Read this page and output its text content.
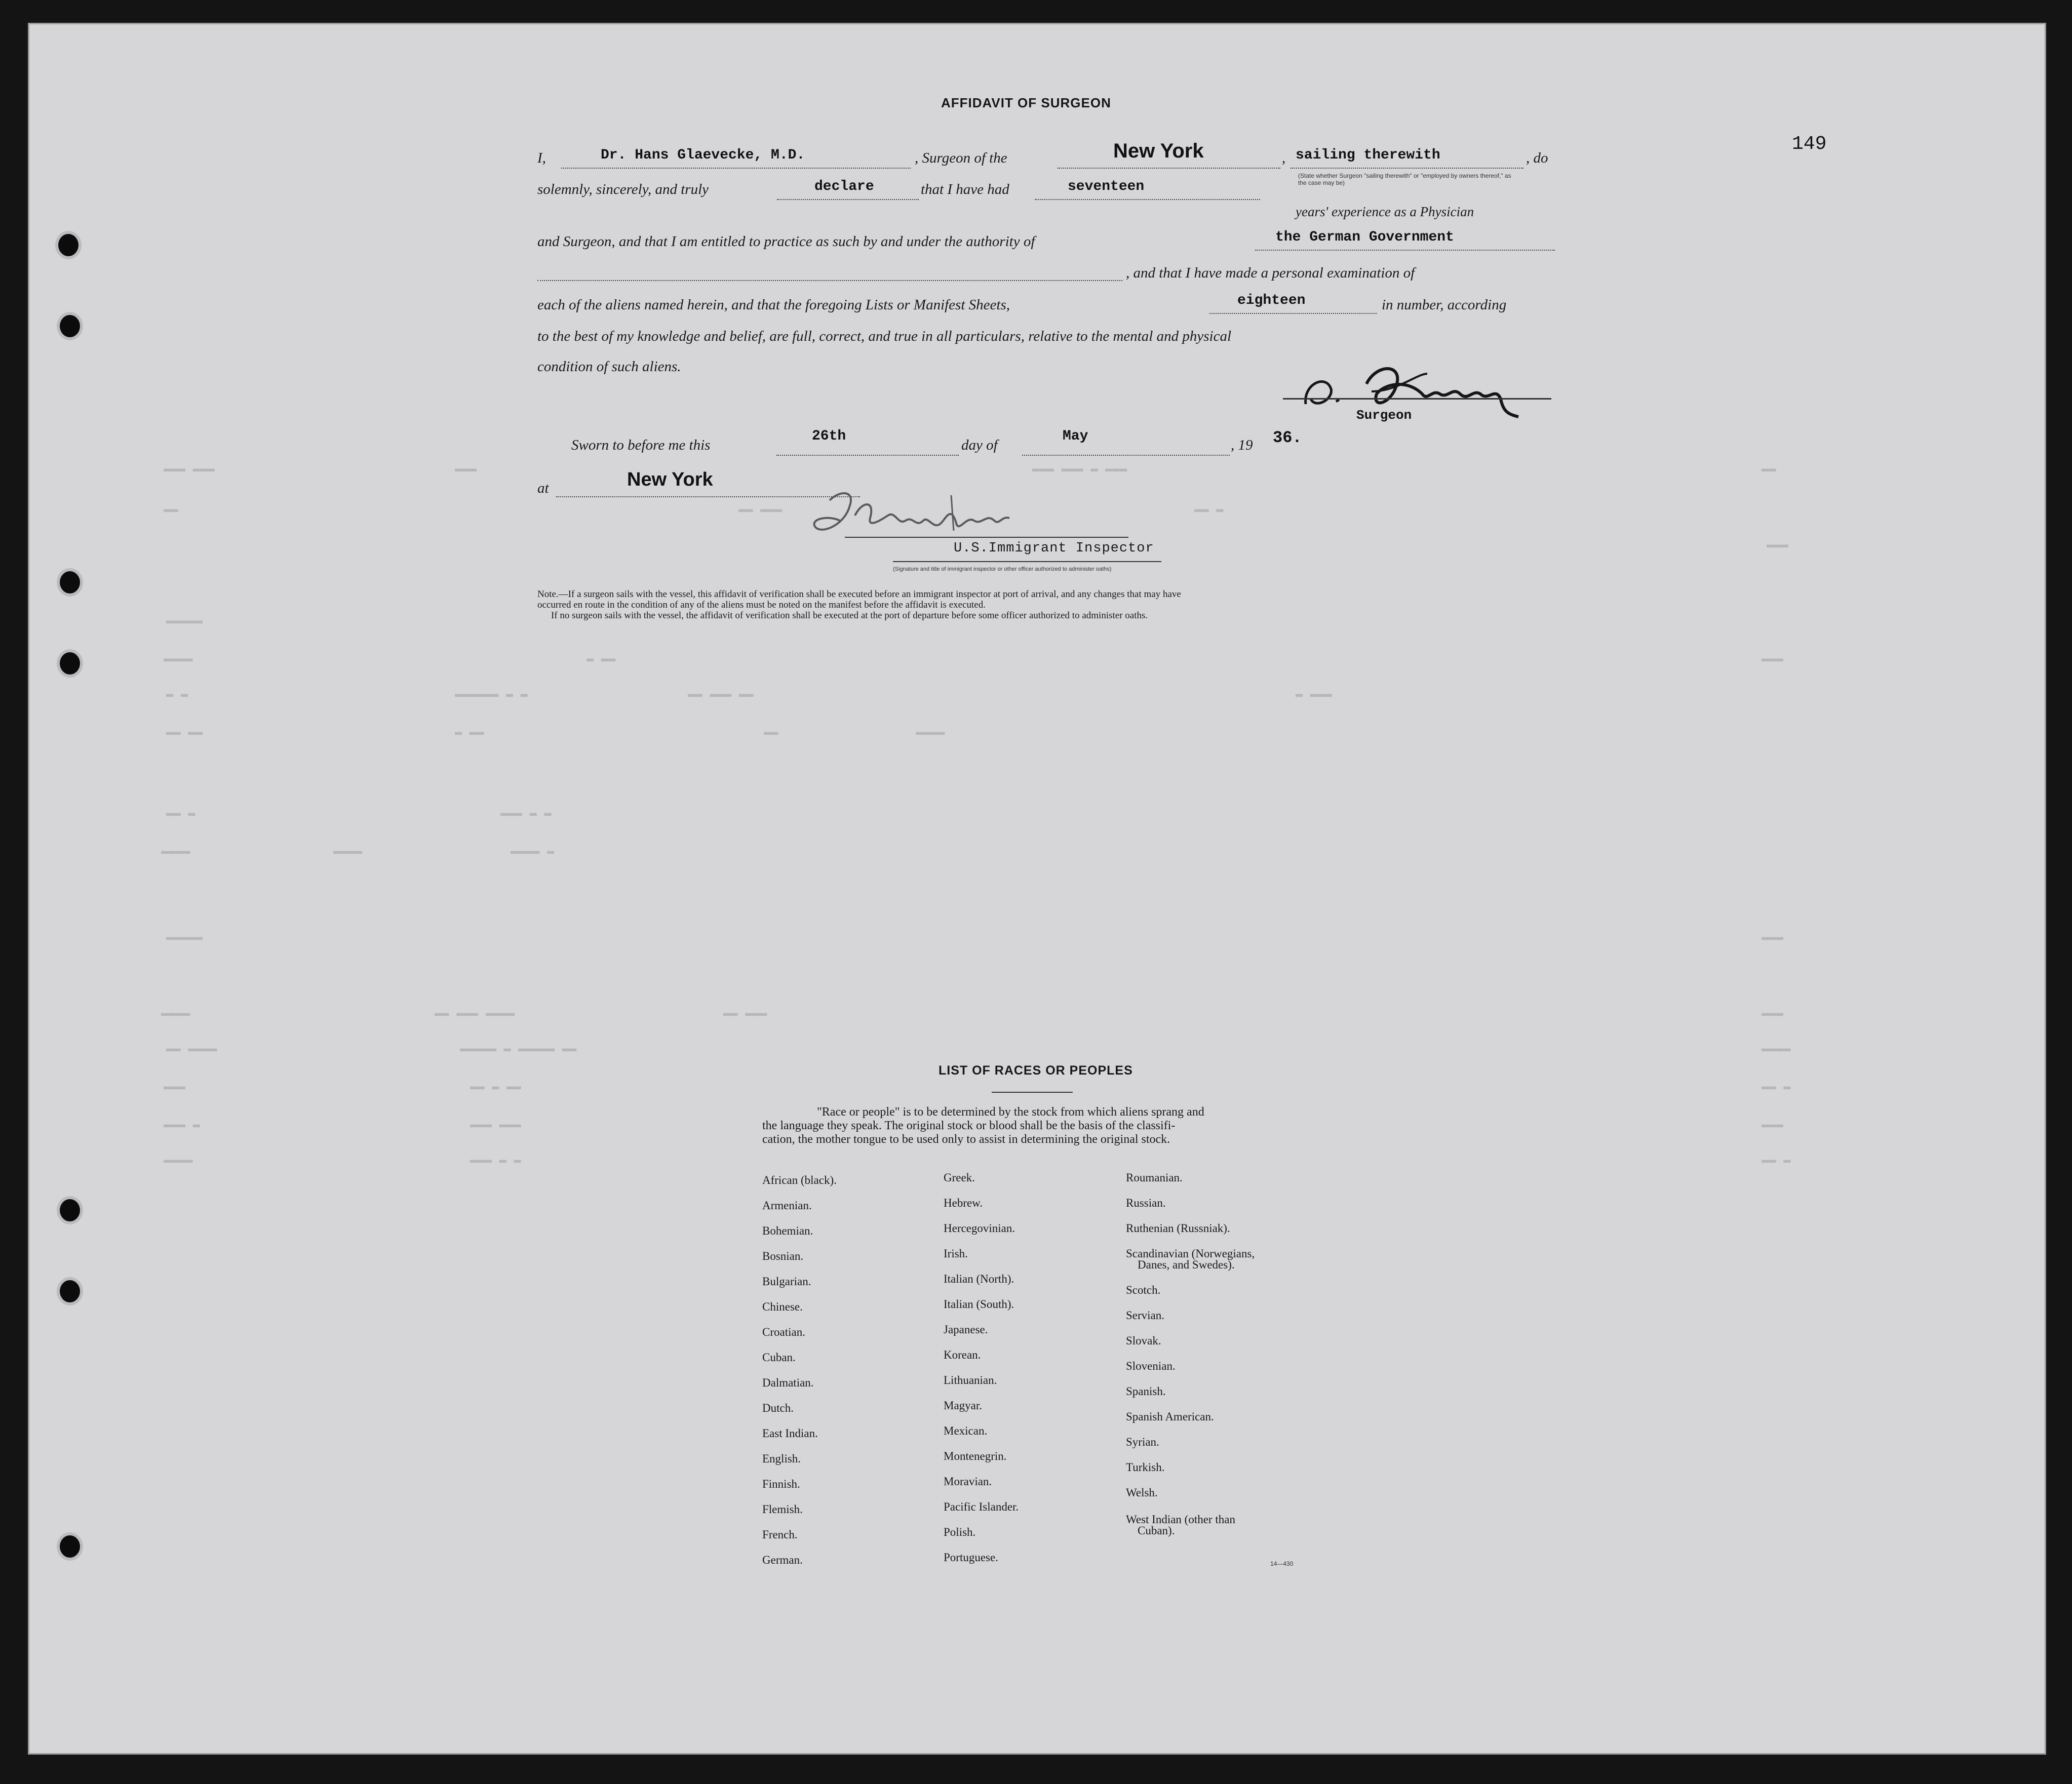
▬▬▬ ▬▬▬	▬▬▬	▬▬▬ ▬▬▬ ▬ ▬▬▬	▬▬
▬▬	▬▬ ▬▬▬	▬▬ ▬
▬▬▬
▬▬▬▬▬
▬▬▬▬	▬ ▬▬	▬▬▬
▬ ▬	▬▬▬▬▬▬ ▬ ▬	▬▬ ▬▬▬ ▬▬	▬ ▬▬▬
▬▬ ▬▬	▬ ▬▬	▬▬	▬▬▬▬
▬▬ ▬	▬▬▬ ▬ ▬
▬▬▬▬	▬▬▬▬	▬▬▬▬ ▬
▬▬▬▬▬	▬▬▬
▬▬▬▬	▬▬ ▬▬▬ ▬▬▬▬	▬▬ ▬▬▬	▬▬▬
▬▬ ▬▬▬▬	▬▬▬▬▬ ▬ ▬▬▬▬▬ ▬▬	▬▬▬▬
▬▬▬	▬▬ ▬ ▬▬	▬▬ ▬
▬▬▬ ▬	▬▬▬ ▬▬▬	▬▬▬
▬▬▬▬	▬▬▬ ▬ ▬	▬▬ ▬
149
AFFIDAVIT OF SURGEON
I,	Dr. Hans Glaevecke, M.D.	, Surgeon of the	New York	, sailing therewith	, do
(State whether Surgeon "sailing therewith" or "employed by owners thereof," as the case may be)
solemnly, sincerely, and truly	declare	that I have had	seventeen
years' experience as a Physician
and Surgeon, and that I am entitled to practice as such by and under the authority of	the German Government
, and that I have made a personal examination of
each of the aliens named herein, and that the foregoing Lists or Manifest Sheets,	eighteen	in number, according
to the best of my knowledge and belief, are full, correct, and true in all particulars, relative to the mental and physical
condition of such aliens.
Surgeon
Sworn to before me this
26th
day of
May
, 19 36.
at	New York
U.S.Immigrant Inspector
(Signature and title of immigrant inspector or other officer authorized to administer oaths)
Note.—If a surgeon sails with the vessel, this affidavit of verification shall be executed before an immigrant inspector at port of arrival, and any changes that may have
occurred en route in the condition of any of the aliens must be noted on the manifest before the affidavit is executed.
If no surgeon sails with the vessel, the affidavit of verification shall be executed at the port of departure before some officer authorized to administer oaths.
LIST OF RACES OR PEOPLES
"Race or people" is to be determined by the stock from which aliens sprang and
the language they speak. The original stock or blood shall be the basis of the classifi-
cation, the mother tongue to be used only to assist in determining the original stock.
African (black).
Armenian.
Bohemian.
Bosnian.
Bulgarian.
Chinese.
Croatian.
Cuban.
Dalmatian.
Dutch.
East Indian.
English.
Finnish.
Flemish.
French.
German.
Greek.
Hebrew.
Hercegovinian.
Irish.
Italian (North).
Italian (South).
Japanese.
Korean.
Lithuanian.
Magyar.
Mexican.
Montenegrin.
Moravian.
Pacific Islander.
Polish.
Portuguese.
Roumanian.
Russian.
Ruthenian (Russniak).
Scandinavian (Norwegians,
Danes, and Swedes).
Scotch.
Servian.
Slovak.
Slovenian.
Spanish.
Spanish American.
Syrian.
Turkish.
Welsh.
West Indian (other than
Cuban).
14—430
